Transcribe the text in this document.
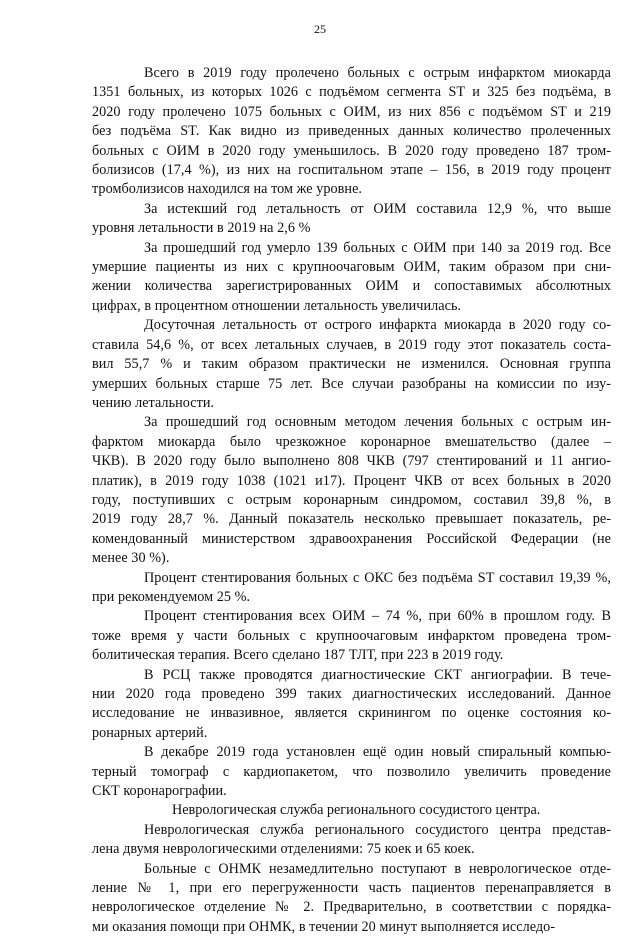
25
Всего в 2019 году пролечено больных с острым инфарктом миокарда
1351 больных, из которых 1026 с подъёмом сегмента ST и 325 без подъёма, в
2020 году пролечено 1075 больных с ОИМ, из них 856 с подъёмом ST и 219
без подъёма ST. Как видно из приведенных данных количество пролеченных
больных с ОИМ в 2020 году уменьшилось. В 2020 году проведено 187 тром-
болизисов (17,4 %), из них на госпитальном этапе – 156, в 2019 году процент
тромболизисов находился на том же уровне.
За истекший год летальность от ОИМ составила 12,9 %, что выше
уровня летальности в 2019 на 2,6 %
За прошедший год умерло 139 больных с ОИМ при 140 за 2019 год. Все
умершие пациенты из них с крупноочаговым ОИМ, таким образом при сни-
жении количества зарегистрированных ОИМ и сопоставимых абсолютных
цифрах, в процентном отношении летальность увеличилась.
Досуточная летальность от острого инфаркта миокарда в 2020 году со-
ставила 54,6 %, от всех летальных случаев, в 2019 году этот показатель соста-
вил 55,7 % и таким образом практически не изменился. Основная группа
умерших больных старше 75 лет. Все случаи разобраны на комиссии по изу-
чению летальности.
За прошедший год основным методом лечения больных с острым ин-
фарктом миокарда было чрезкожное коронарное вмешательство (далее –
ЧКВ). В 2020 году было выполнено 808 ЧКВ (797 стентирований и 11 ангио-
платик), в 2019 году 1038 (1021 и17). Процент ЧКВ от всех больных в 2020
году, поступивших с острым коронарным синдромом, составил 39,8 %, в
2019 году 28,7 %. Данный показатель несколько превышает показатель, ре-
комендованный министерством здравоохранения Российской Федерации (не
менее 30 %).
Процент стентирования больных с ОКС без подъёма ST составил 19,39 %,
при рекомендуемом 25 %.
Процент стентирования всех ОИМ – 74 %, при 60% в прошлом году. В
тоже время у части больных с крупноочаговым инфарктом проведена тром-
болитическая терапия. Всего сделано 187 ТЛТ, при 223 в 2019 году.
В РСЦ также проводятся диагностические СКТ ангиографии. В тече-
нии 2020 года проведено 399 таких диагностических исследований. Данное
исследование не инвазивное, является скринингом по оценке состояния ко-
ронарных артерий.
В декабре 2019 года установлен ещё один новый спиральный компью-
терный томограф с кардиопакетом, что позволило увеличить проведение
СКТ коронарографии.
Неврологическая служба регионального сосудистого центра.
Неврологическая служба регионального сосудистого центра представ-
лена двумя неврологическими отделениями: 75 коек и 65 коек.
Больные с ОНМК незамедлительно поступают в неврологическое отде-
ление № 1, при его перегруженности часть пациентов перенаправляется в
неврологическое отделение № 2. Предварительно, в соответствии с порядка-
ми оказания помощи при ОНМК, в течении 20 минут выполняется исследо-
